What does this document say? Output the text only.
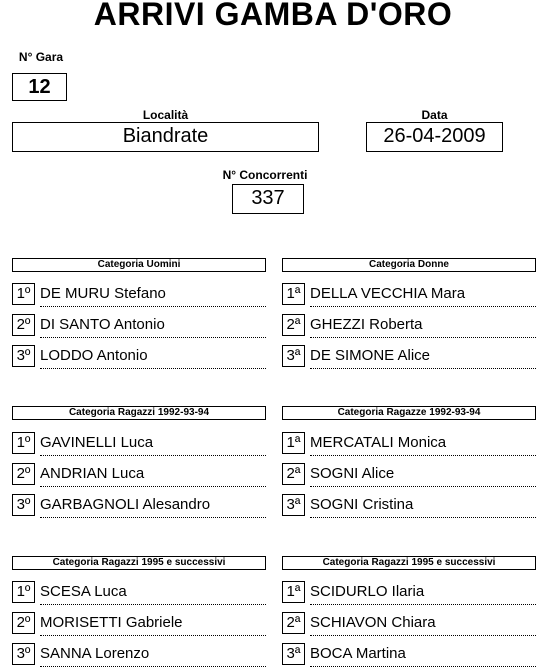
ARRIVI GAMBA D'ORO
N° Gara
12
Località
Biandrate
Data
26-04-2009
N° Concorrenti
337
Categoria Uomini
1º DE MURU Stefano
2º DI SANTO Antonio
3º LODDO Antonio
Categoria Donne
1ª DELLA VECCHIA Mara
2ª GHEZZI Roberta
3ª DE SIMONE Alice
Categoria Ragazzi 1992-93-94
1º GAVINELLI Luca
2º ANDRIAN Luca
3º GARBAGNOLI Alesandro
Categoria Ragazze 1992-93-94
1ª MERCATALI Monica
2ª SOGNI Alice
3ª SOGNI Cristina
Categoria Ragazzi 1995 e successivi
1º SCESA Luca
2º MORISETTI Gabriele
3º SANNA Lorenzo
Categoria Ragazzi 1995 e successivi
1ª SCIDURLO Ilaria
2ª SCHIAVON Chiara
3ª BOCA Martina
